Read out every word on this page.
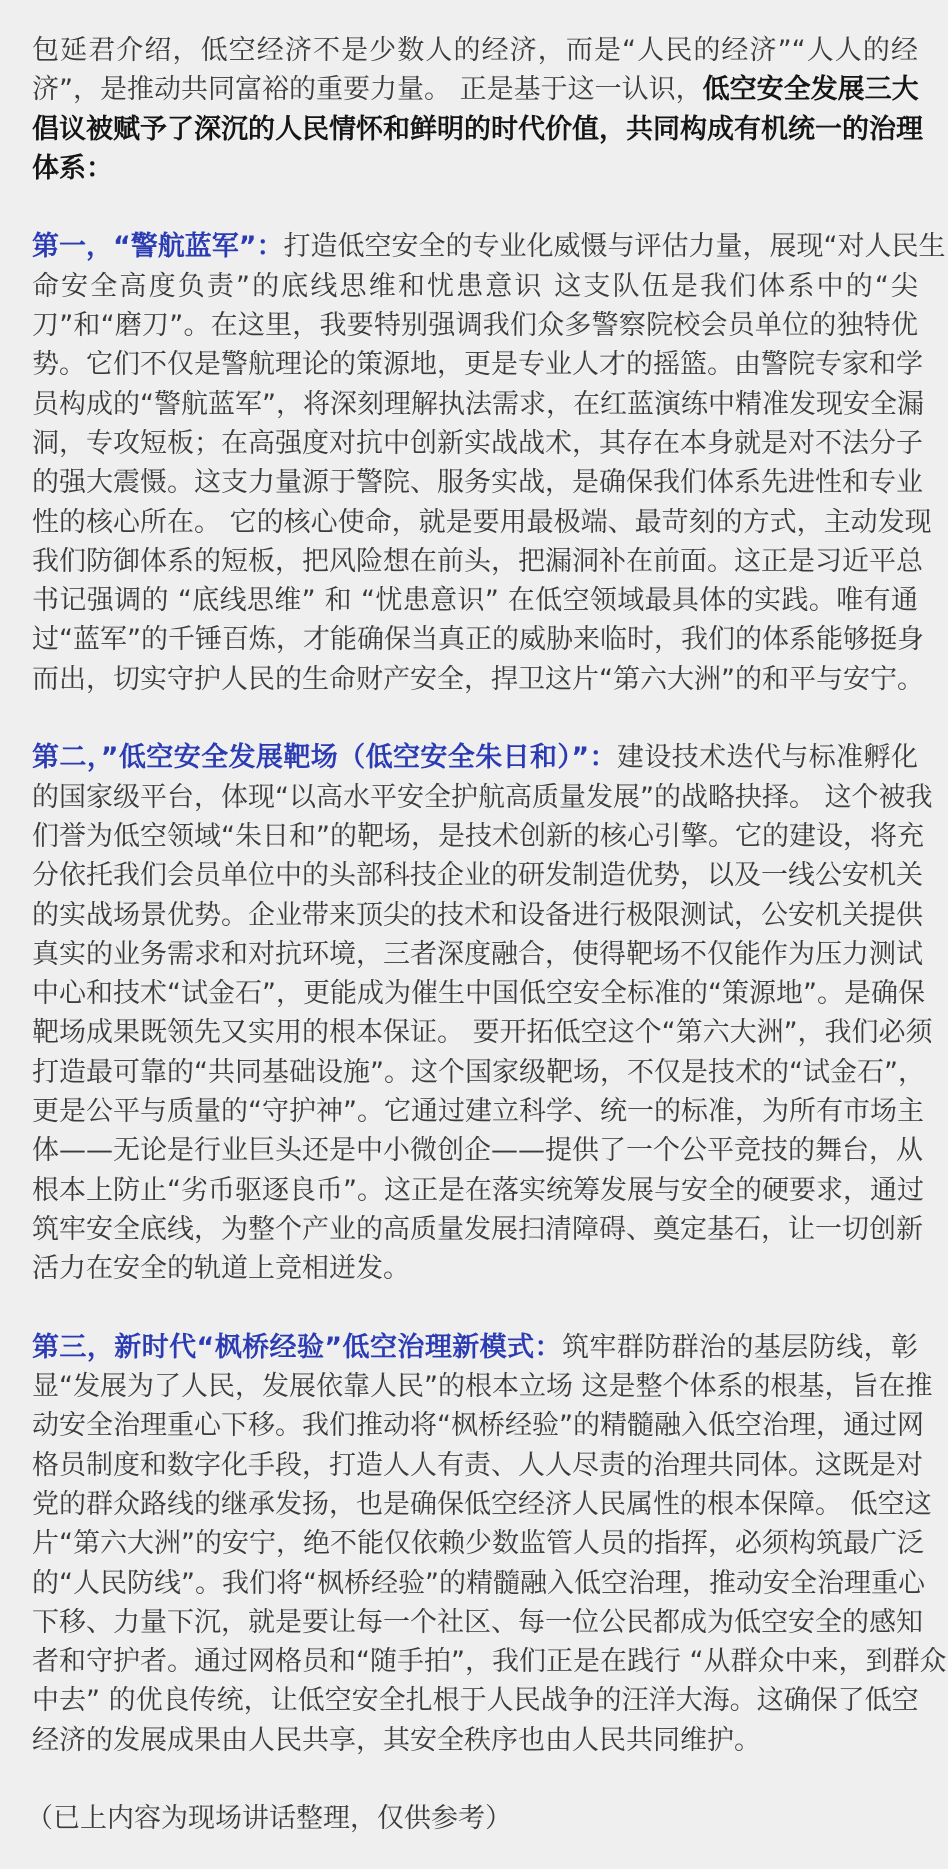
包延君介绍，低空经济不是少数人的经济，而是“人民的经济”“人人的经
济”，是推动共同富裕的重要力量。 正是基于这一认识，低空安全发展三大
倡议被赋予了深沉的人民情怀和鲜明的时代价值，共同构成有机统一的治理
体系：
第一，“警航蓝军”：打造低空安全的专业化威慑与评估力量，展现“对人民生
命安全高度负责”的底线思维和忧患意识 这支队伍是我们体系中的“尖
刀”和“磨刀”。在这里，我要特别强调我们众多警察院校会员单位的独特优
势。它们不仅是警航理论的策源地，更是专业人才的摇篮。由警院专家和学
员构成的“警航蓝军”，将深刻理解执法需求，在红蓝演练中精准发现安全漏
洞，专攻短板；在高强度对抗中创新实战战术，其存在本身就是对不法分子
的强大震慑。这支力量源于警院、服务实战，是确保我们体系先进性和专业
性的核心所在。 它的核心使命，就是要用最极端、最苛刻的方式，主动发现
我们防御体系的短板，把风险想在前头，把漏洞补在前面。这正是习近平总
书记强调的 “底线思维” 和 “忧患意识” 在低空领域最具体的实践。唯有通
过“蓝军”的千锤百炼，才能确保当真正的威胁来临时，我们的体系能够挺身
而出，切实守护人民的生命财产安全，捍卫这片“第六大洲”的和平与安宁。
第二，”低空安全发展靶场（低空安全朱日和）”：建设技术迭代与标准孵化
的国家级平台，体现“以高水平安全护航高质量发展”的战略抉择。 这个被我
们誉为低空领域“朱日和”的靶场，是技术创新的核心引擎。它的建设，将充
分依托我们会员单位中的头部科技企业的研发制造优势，以及一线公安机关
的实战场景优势。企业带来顶尖的技术和设备进行极限测试，公安机关提供
真实的业务需求和对抗环境，三者深度融合，使得靶场不仅能作为压力测试
中心和技术“试金石”，更能成为催生中国低空安全标准的“策源地”。是确保
靶场成果既领先又实用的根本保证。 要开拓低空这个“第六大洲”，我们必须
打造最可靠的“共同基础设施”。这个国家级靶场，不仅是技术的“试金石”，
更是公平与质量的“守护神”。它通过建立科学、统一的标准，为所有市场主
体——无论是行业巨头还是中小微创企——提供了一个公平竞技的舞台，从
根本上防止“劣币驱逐良币”。这正是在落实统筹发展与安全的硬要求，通过
筑牢安全底线，为整个产业的高质量发展扫清障碍、奠定基石，让一切创新
活力在安全的轨道上竞相迸发。
第三，新时代“枫桥经验”低空治理新模式：筑牢群防群治的基层防线，彰
显“发展为了人民，发展依靠人民”的根本立场 这是整个体系的根基，旨在推
动安全治理重心下移。我们推动将“枫桥经验”的精髓融入低空治理，通过网
格员制度和数字化手段，打造人人有责、人人尽责的治理共同体。这既是对
党的群众路线的继承发扬，也是确保低空经济人民属性的根本保障。 低空这
片“第六大洲”的安宁，绝不能仅依赖少数监管人员的指挥，必须构筑最广泛
的“人民防线”。我们将“枫桥经验”的精髓融入低空治理，推动安全治理重心
下移、力量下沉，就是要让每一个社区、每一位公民都成为低空安全的感知
者和守护者。通过网格员和“随手拍”，我们正是在践行 “从群众中来，到群众
中去” 的优良传统，让低空安全扎根于人民战争的汪洋大海。这确保了低空
经济的发展成果由人民共享，其安全秩序也由人民共同维护。
（已上内容为现场讲话整理，仅供参考）
